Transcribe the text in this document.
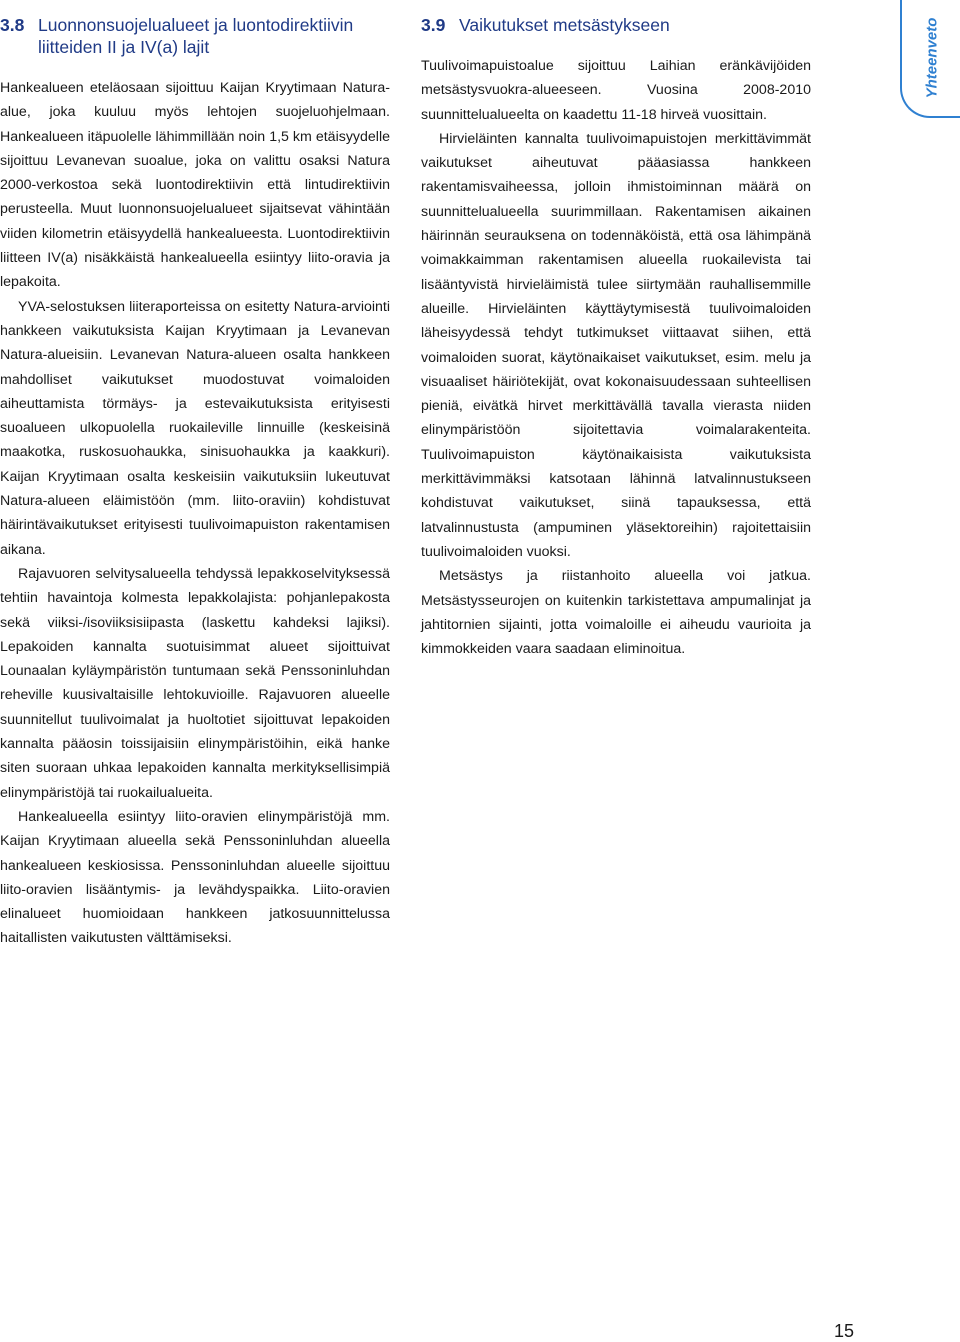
3.8 Luonnonsuojelualueet ja luontodirektiivin liitteiden II ja IV(a) lajit

Hankealueen eteläosaan sijoittuu Kaijan Kryytimaan Natura-alue, joka kuuluu myös lehtojen suojeluohjelmaan. Hankealueen itäpuolelle lähimmillään noin 1,5 km etäisyydelle sijoittuu Levanevan suoalue, joka on valittu osaksi Natura 2000-verkostoa sekä luontodirektiivin että lintudirektiivin perusteella. Muut luonnonsuojelualueet sijaitsevat vähintään viiden kilometrin etäisyydellä hankealueesta. Luontodirektiivin liitteen IV(a) nisäkkäistä hankealueella esiintyy liito-oravia ja lepakoita.

YVA-selostuksen liiteraporteissa on esitetty Natura-arviointi hankkeen vaikutuksista Kaijan Kryytimaan ja Levanevan Natura-alueisiin. Levanevan Natura-alueen osalta hankkeen mahdolliset vaikutukset muodostuvat voimaloiden aiheuttamista törmäys- ja estevaikutuksista erityisesti suoalueen ulkopuolella ruokaileville linnuille (keskeisinä maakotka, ruskosuohaukka, sinisuohaukka ja kaakkuri). Kaijan Kryytimaan osalta keskeisiin vaikutuksiin lukeutuvat Natura-alueen eläimistöön (mm. liito-oraviin) kohdistuvat häirintävaikutukset erityisesti tuulivoimapuiston rakentamisen aikana.

Rajavuoren selvitysalueella tehdyssä lepakkoselvityksessä tehtiin havaintoja kolmesta lepakkolajista: pohjanlepakosta sekä viiksi-/isoviiksisiipasta (laskettu kahdeksi lajiksi). Lepakoiden kannalta suotuisimmat alueet sijoittuivat Lounaalan kyläympäristön tuntumaan sekä Penssoninluhdan reheville kuusivaltaisille lehtokuvioille. Rajavuoren alueelle suunnitellut tuulivoimalat ja huoltotiet sijoittuvat lepakoiden kannalta pääosin toissijaisiin elinympäristöihin, eikä hanke siten suoraan uhkaa lepakoiden kannalta merkityksellisimpiä elinympäristöjä tai ruokailualueita.

Hankealueella esiintyy liito-oravien elinympäristöjä mm. Kaijan Kryytimaan alueella sekä Penssoninluhdan alueella hankealueen keskiosissa. Penssoninluhdan alueelle sijoittuu liito-oravien lisääntymis- ja levähdyspaikka. Liito-oravien elinalueet huomioidaan hankkeen jatkosuunnittelussa haitallisten vaikutusten välttämiseksi.

3.9 Vaikutukset metsästykseen

Tuulivoimapuistoalue sijoittuu Laihian eränkävijöiden metsästysvuokra-alueeseen. Vuosina 2008-2010 suunnittelualueelta on kaadettu 11-18 hirveä vuosittain.

Hirvieläinten kannalta tuulivoimapuistojen merkittävimmät vaikutukset aiheutuvat pääasiassa hankkeen rakentamisvaiheessa, jolloin ihmistoiminnan määrä on suunnittelualueella suurimmillaan. Rakentamisen aikainen häirinnän seurauksena on todennäköistä, että osa lähimpänä voimakkaimman rakentamisen alueella ruokailevista tai lisääntyvistä hirvieläimistä tulee siirtymään rauhallisemmille alueille. Hirvieläinten käyttäytymisestä tuulivoimaloiden läheisyydessä tehdyt tutkimukset viittaavat siihen, että voimaloiden suorat, käytönaikaiset vaikutukset, esim. melu ja visuaaliset häiriötekijät, ovat kokonaisuudessaan suhteellisen pieniä, eivätkä hirvet merkittävällä tavalla vierasta niiden elinympäristöön sijoitettavia voimalarakenteita. Tuulivoimapuiston käytönaikaisista vaikutuksista merkittävimmäksi katsotaan lähinnä latvalinnustukseen kohdistuvat vaikutukset, siinä tapauksessa, että latvalinnustusta (ampuminen yläsektoreihin) rajoitettaisiin tuulivoimaloiden vuoksi.

Metsästys ja riistanhoito alueella voi jatkua. Metsästysseurojen on kuitenkin tarkistettava ampumalinjat ja jahtitornien sijainti, jotta voimaloille ei aiheudu vaurioita ja kimmokkeiden vaara saadaan eliminoitua.

Yhteenveto
15
